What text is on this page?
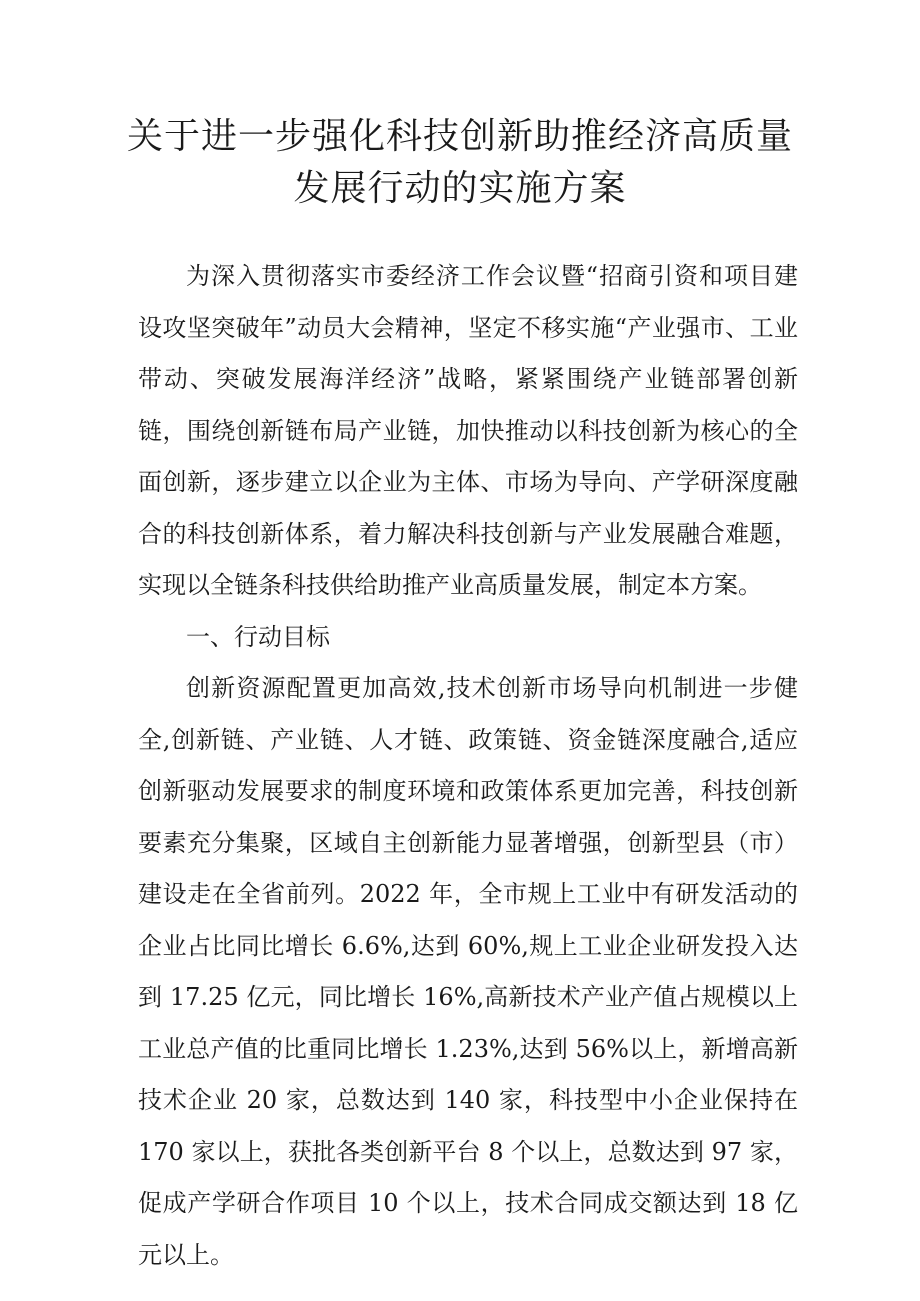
关于进一步强化科技创新助推经济高质量
发展行动的实施方案

为深入贯彻落实市委经济工作会议暨“招商引资和项目建设攻坚突破年”动员大会精神，坚定不移实施“产业强市、工业带动、突破发展海洋经济”战略，紧紧围绕产业链部署创新链，围绕创新链布局产业链，加快推动以科技创新为核心的全面创新，逐步建立以企业为主体、市场为导向、产学研深度融合的科技创新体系，着力解决科技创新与产业发展融合难题，实现以全链条科技供给助推产业高质量发展，制定本方案。

一、行动目标

创新资源配置更加高效,技术创新市场导向机制进一步健全,创新链、产业链、人才链、政策链、资金链深度融合,适应创新驱动发展要求的制度环境和政策体系更加完善，科技创新要素充分集聚，区域自主创新能力显著增强，创新型县（市）建设走在全省前列。2022 年，全市规上工业中有研发活动的企业占比同比增长 6.6%,达到 60%,规上工业企业研发投入达到 17.25 亿元，同比增长 16%,高新技术产业产值占规模以上工业总产值的比重同比增长 1.23%,达到 56%以上，新增高新技术企业 20 家，总数达到 140 家，科技型中小企业保持在 170 家以上，获批各类创新平台 8 个以上，总数达到 97 家，促成产学研合作项目 10 个以上，技术合同成交额达到 18 亿元以上。
